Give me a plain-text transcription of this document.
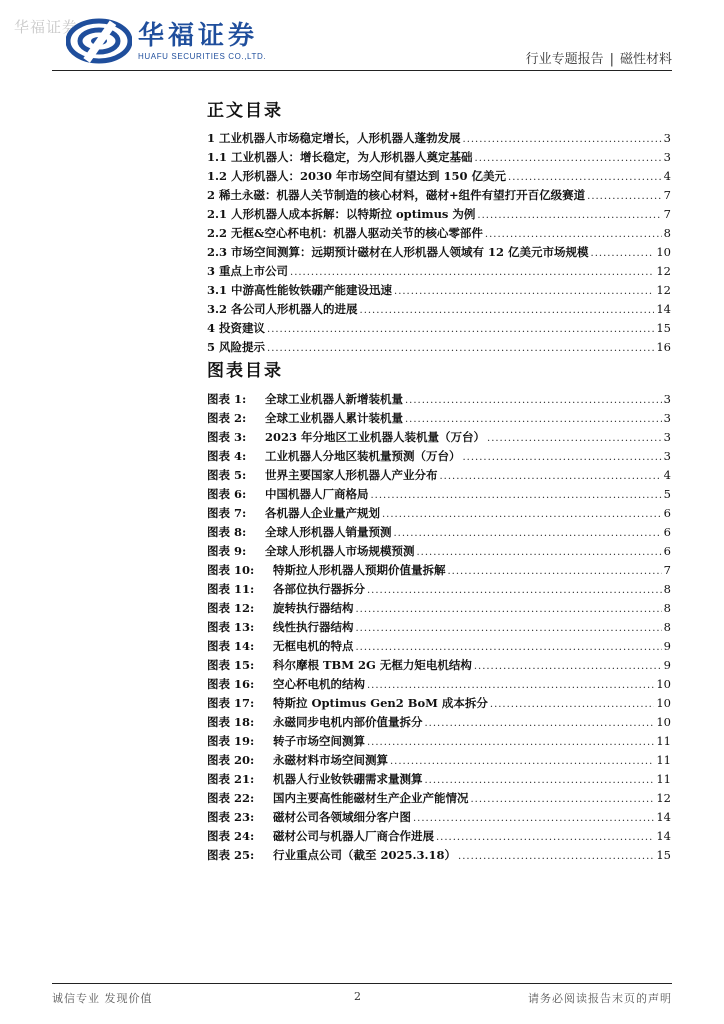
华福证券 华福证券
HUAFU SECURITIES CO.,LTD.	行业专题报告 | 磁性材料
正文目录
1 工业机器人市场稳定增长，人形机器人蓬勃发展 .....	3
1.1 工业机器人：增长稳定，为人形机器人奠定基础 .....	3
1.2 人形机器人：2030 年市场空间有望达到 150 亿美元 .....	4
2 稀土永磁：机器人关节制造的核心材料，磁材+组件有望打开百亿级赛道 .....	7
2.1 人形机器人成本拆解：以特斯拉 optimus 为例 .....	7
2.2 无框&空心杯电机：机器人驱动关节的核心零部件 .....	8
2.3 市场空间测算：远期预计磁材在人形机器人领域有 12 亿美元市场规模 .....	10
3 重点上市公司 .....	12
3.1 中游高性能钕铁硼产能建设迅速 .....	12
3.2 各公司人形机器人的进展 .....	14
4 投资建议 .....	15
5 风险提示 .....	16
图表目录
图表 1: 全球工业机器人新增装机量 .....	3
图表 2: 全球工业机器人累计装机量 .....	3
图表 3: 2023 年分地区工业机器人装机量（万台） .....	3
图表 4: 工业机器人分地区装机量预测（万台） .....	3
图表 5: 世界主要国家人形机器人产业分布 .....	4
图表 6: 中国机器人厂商格局 .....	5
图表 7: 各机器人企业量产规划 .....	6
图表 8: 全球人形机器人销量预测 .....	6
图表 9: 全球人形机器人市场规模预测 .....	6
图表 10: 特斯拉人形机器人预期价值量拆解 .....	7
图表 11: 各部位执行器拆分 .....	8
图表 12: 旋转执行器结构 .....	8
图表 13: 线性执行器结构 .....	8
图表 14: 无框电机的特点 .....	9
图表 15: 科尔摩根 TBM 2G 无框力矩电机结构 .....	9
图表 16: 空心杯电机的结构 .....	10
图表 17: 特斯拉 Optimus Gen2 BoM 成本拆分 .....	10
图表 18: 永磁同步电机内部价值量拆分 .....	10
图表 19: 转子市场空间测算 .....	11
图表 20: 永磁材料市场空间测算 .....	11
图表 21: 机器人行业钕铁硼需求量测算 .....	11
图表 22: 国内主要高性能磁材生产企业产能情况 .....	12
图表 23: 磁材公司各领域细分客户图 .....	14
图表 24: 磁材公司与机器人厂商合作进展 .....	14
图表 25: 行业重点公司（截至 2025.3.18） .....	15
诚信专业 发现价值	2	请务必阅读报告末页的声明
